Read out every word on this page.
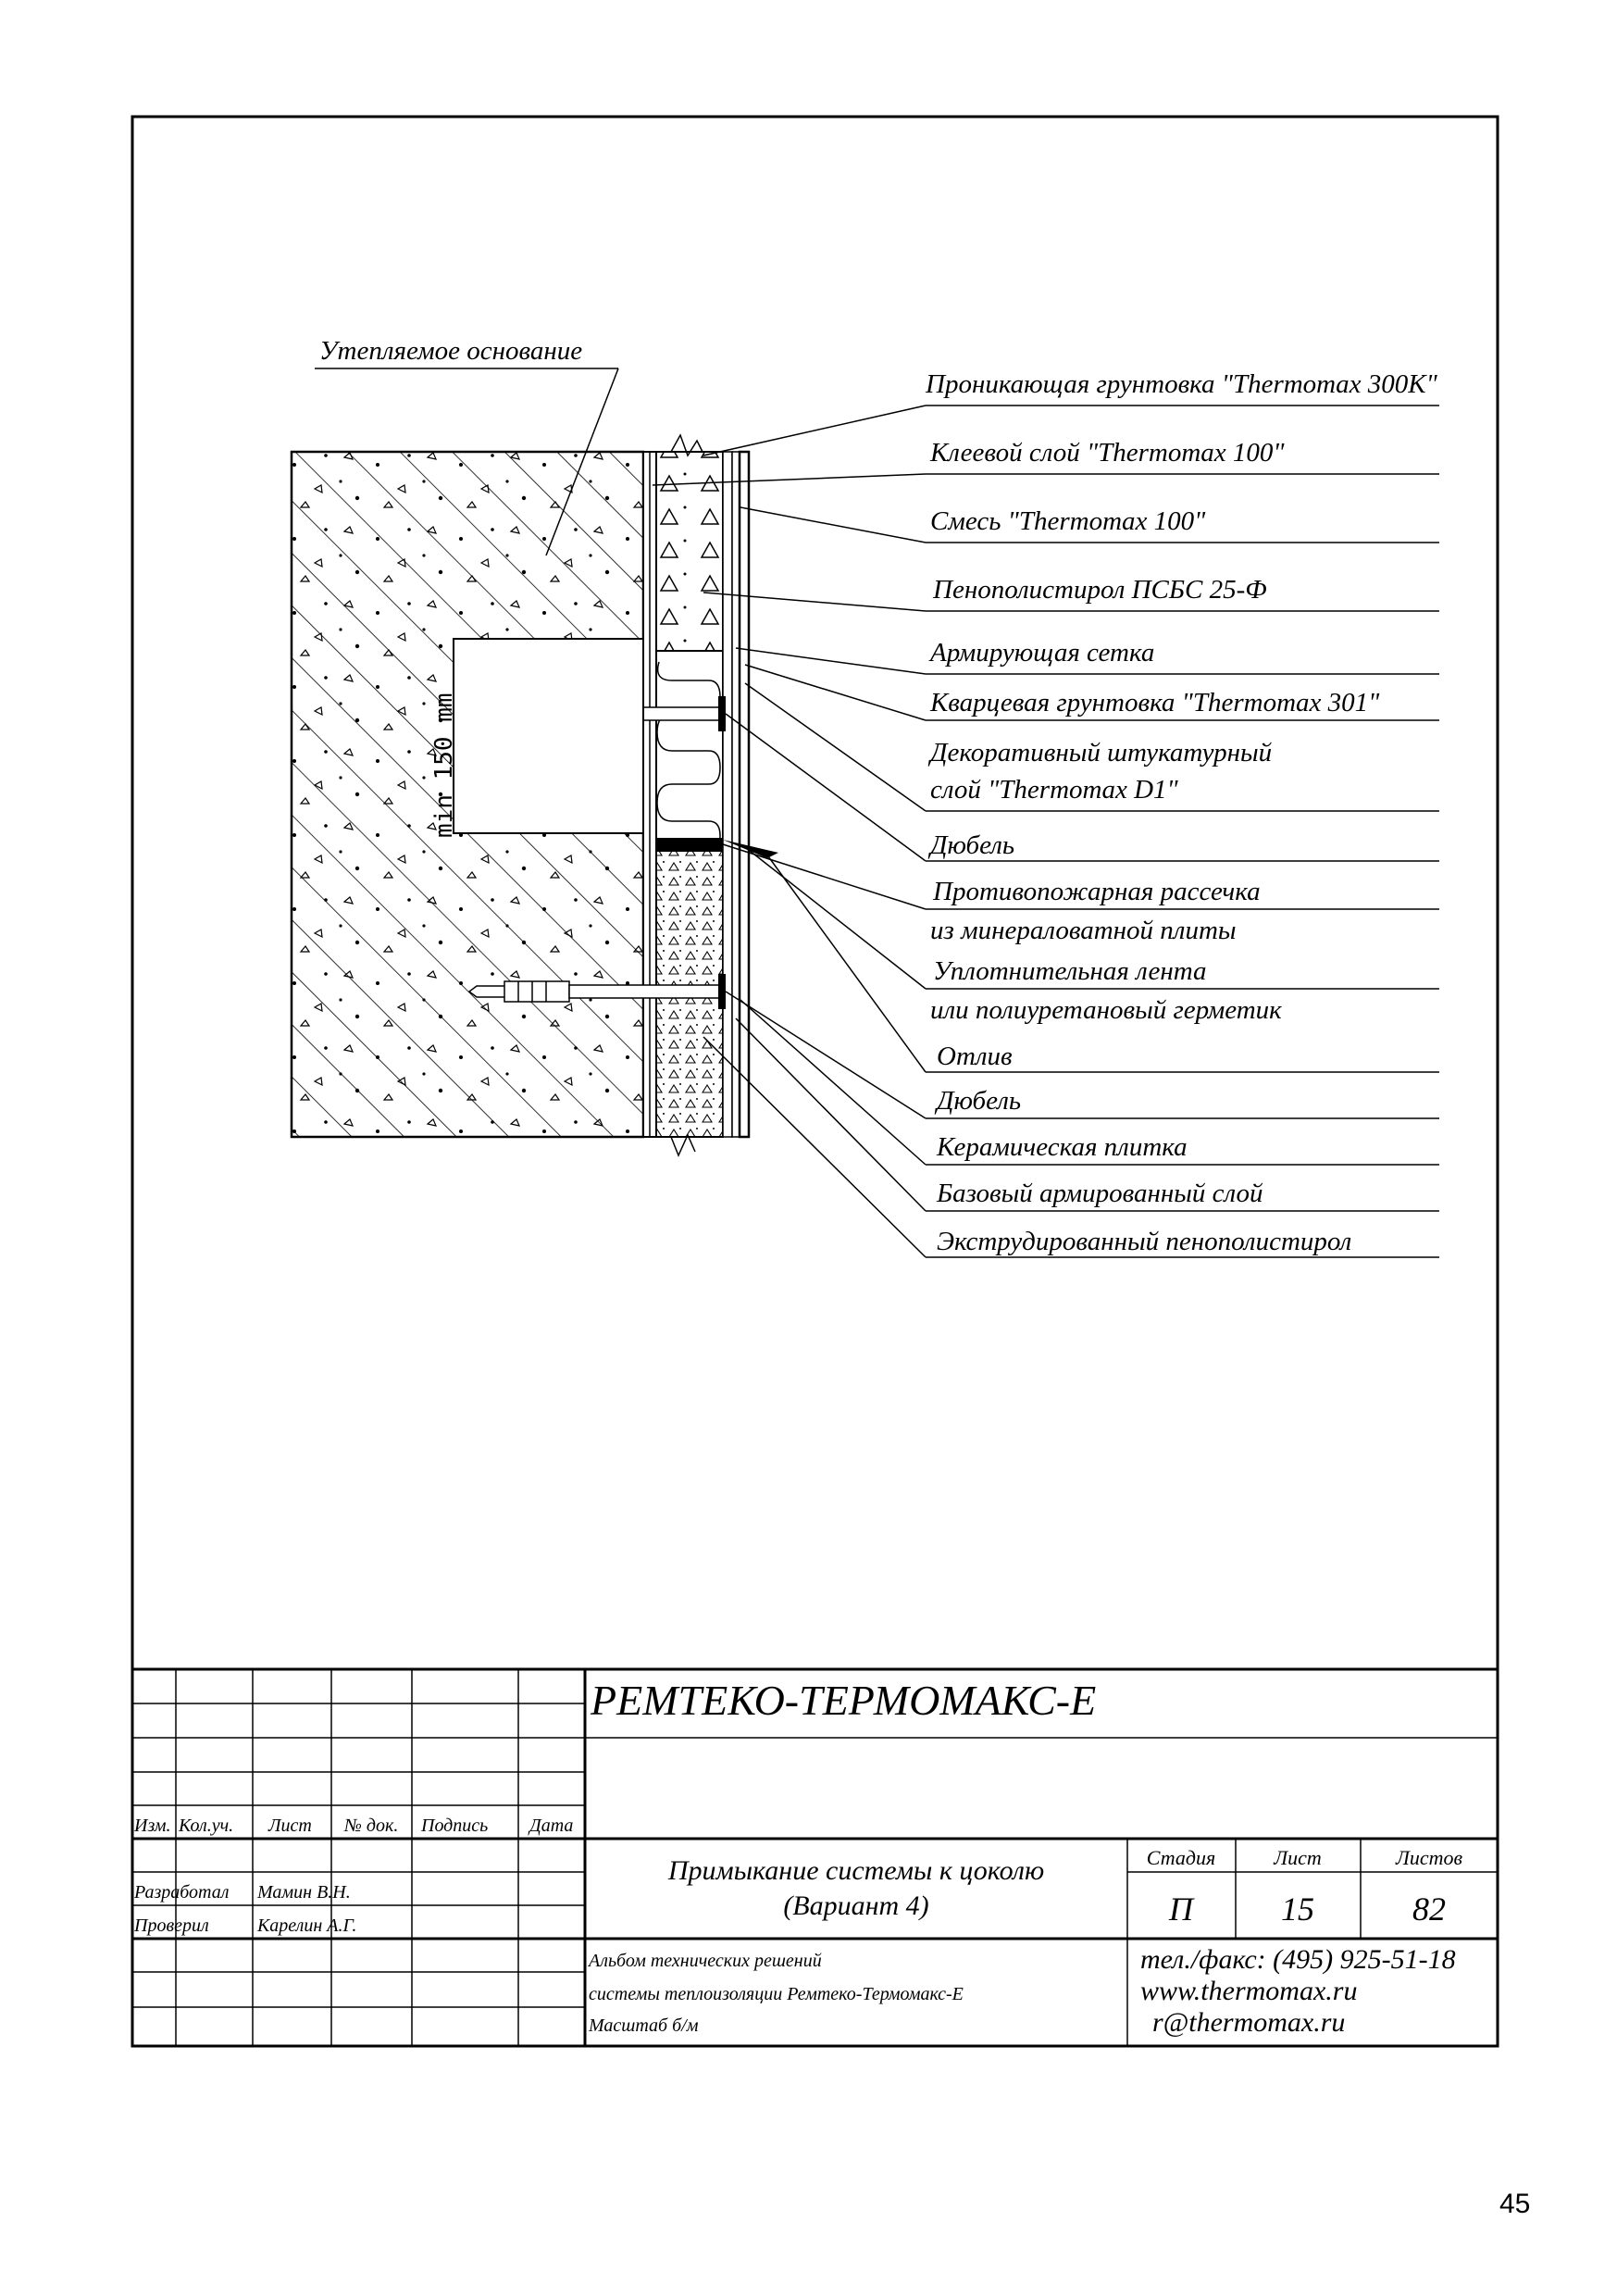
min 150 mm
Утепляемое основание
Проникающая грунтовка "Thermomax 300K"
Клеевой слой "Thermomax 100"
Смесь "Thermomax 100"
Пенополистирол ПСБС 25-Ф
Армирующая сетка
Кварцевая грунтовка "Thermomax 301"
Декоративный штукатурный
слой "Thermomax D1"
Дюбель
Противопожарная рассечка
из минераловатной плиты
Уплотнительная лента
или полиуретановый герметик
Отлив
Дюбель
Керамическая плитка
Базовый армированный слой
Экструдированный пенополистирол
РЕМТЕКО-ТЕРМОМАКС-Е
Изм. Кол.уч. Лист № док. Подпись Дата
Разработал Мамин В.Н.
Проверил	Карелин А.Г.
Примыкание системы к цоколю
(Вариант 4)
Стадия	Лист	Листов
П	15	82
Альбом технических решений
системы теплоизоляции Ремтеко-Термомакс-Е
Масштаб б/м
тел./факс: (495) 925-51-18
www.thermomax.ru
r@thermomax.ru
45
